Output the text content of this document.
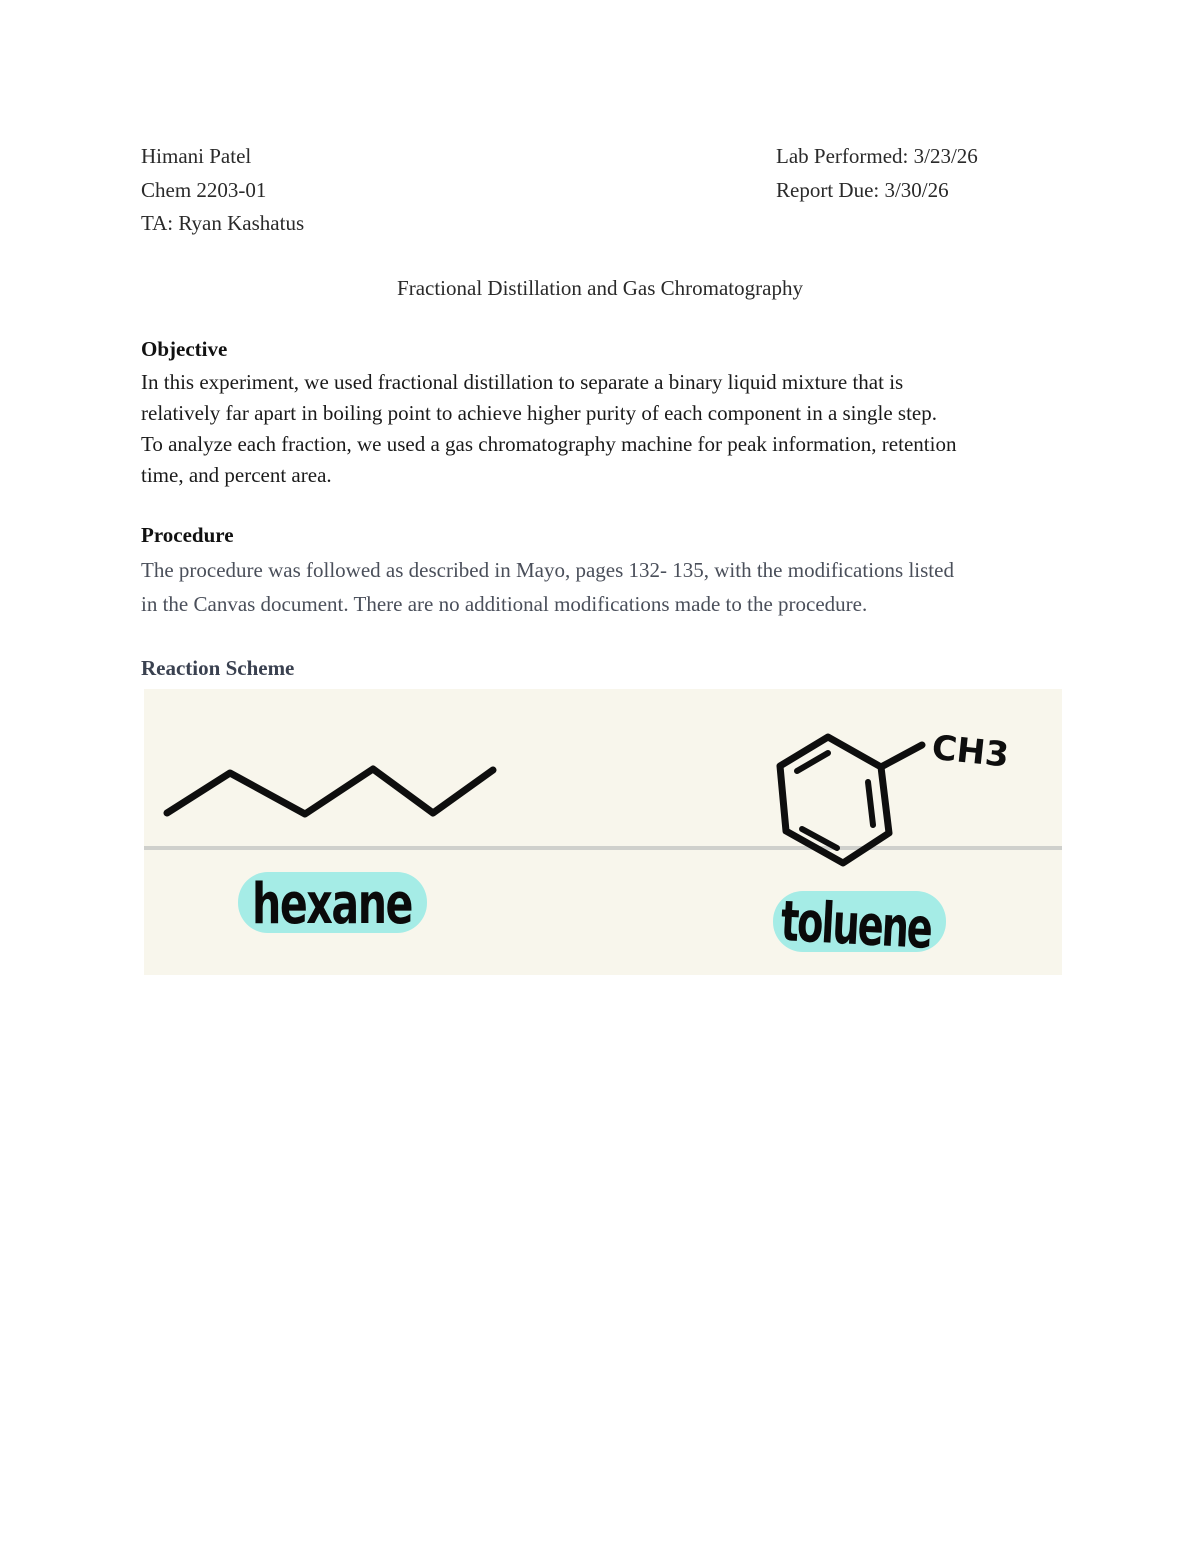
Himani Patel
Chem 2203-01
TA: Ryan Kashatus
Lab Performed: 3/23/26
Report Due: 3/30/26
Fractional Distillation and Gas Chromatography
Objective
In this experiment, we used fractional distillation to separate a binary liquid mixture that is
relatively far apart in boiling point to achieve higher purity of each component in a single step.
To analyze each fraction, we used a gas chromatography machine for peak information, retention
time, and percent area.
Procedure
The procedure was followed as described in Mayo, pages 132- 135, with the modifications listed
in the Canvas document. There are no additional modifications made to the procedure.
Reaction Scheme
CH3
hexane	toluene
